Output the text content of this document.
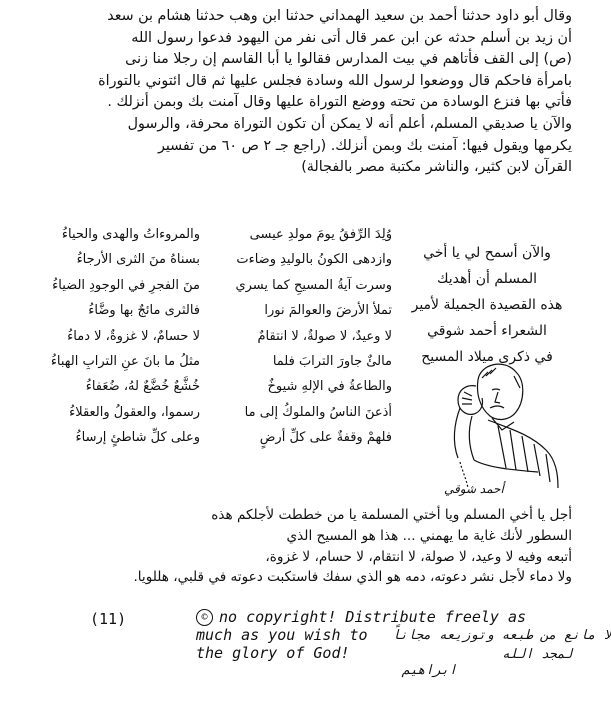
وقال أبو داود حدثنا أحمد بن سعيد الهمداني حدثنا ابن وهب حدثنا هشام بن سعد
أن زيد بن أسلم حدثه عن ابن عمر قال أتى نفر من اليهود فدعوا رسول الله
(ص) إلى القف فأتاهم في بيت المدارس فقالوا يا أبا القاسم إن رجلا منا زنى
بامرأة فاحكم قال ووضعوا لرسول الله وسادة فجلس عليها ثم قال ائتوني بالتوراة
فأتي بها فنزع الوسادة من تحته ووضع التوراة عليها وقال آمنت بك وبمن أنزلك .
والآن يا صديقي المسلم، أعلم أنه لا يمكن أن تكون التوراة محرفة، والرسول
يكرمها ويقول فيها: آمنت بك وبمن أنزلك. (راجع جـ ٢ ص ٦٠ من تفسير
القرآن لابن كثير، والناشر مكتبة مصر بالفجالة)
وُلِدَ الرِّفقُ يومَ مولدِ عيسى
وازدهى الكونُ بالوليدِ وضاءت
وسرت آيةُ المسيحِ كما يسري
تملأ الأرضَ والعوالمَ نورا
لا وعيدٌ، لا صولةٌ، لا انتقامٌ
مالئٌ جاورَ الترابَ فلما
والطاعةُ في الإلهِ شيوخٌ
أذعنَ الناسُ والملوكُ إلى ما
فلهمْ وقفةٌ على كلِّ أرضٍ
والمروءاتُ والهدى والحياءُ
بسناهُ منَ الثرى الأرجاءُ
منَ الفجرِ في الوجودِ الضياءُ
فالثرى مائجٌ بها وضَّاءُ
لا حسامٌ، لا غزوةٌ، لا دماءُ
مثلُ ما بانَ عنِ الترابِ الهباءُ
خُشَّعٌ خُضَّعٌ لهُ، ضُعَفاءُ
رسموا، والعقولُ والعقلاءُ
وعلى كلِّ شاطئٍ إرساءُ
والآن أسمح لي يا أخي
المسلم أن أهديك
هذه القصيدة الجميلة لأمير
الشعراء أحمد شوقي
في ذكرى ميلاد المسيح
أحمد شوقي
أجل يا أخي المسلم ويا أختي المسلمة يا من خططت لأجلكم هذه
السطور لأنك غاية ما يهمني ... هذا هو المسيح الذي
أتبعه وفيه لا وعيد، لا صولة، لا انتقام، لا حسام، لا غزوة،
ولا دماء لأجل نشر دعوته، دمه هو الذي سفك فاستكبت دعوته في قلبي، هللويا.
(11)	© no copyright! Distribute freely as
much as you wish to
the glory of God!
لا مانع من طبعه وتوزيعه مجاناً
لمجد الله
ابراهيم
